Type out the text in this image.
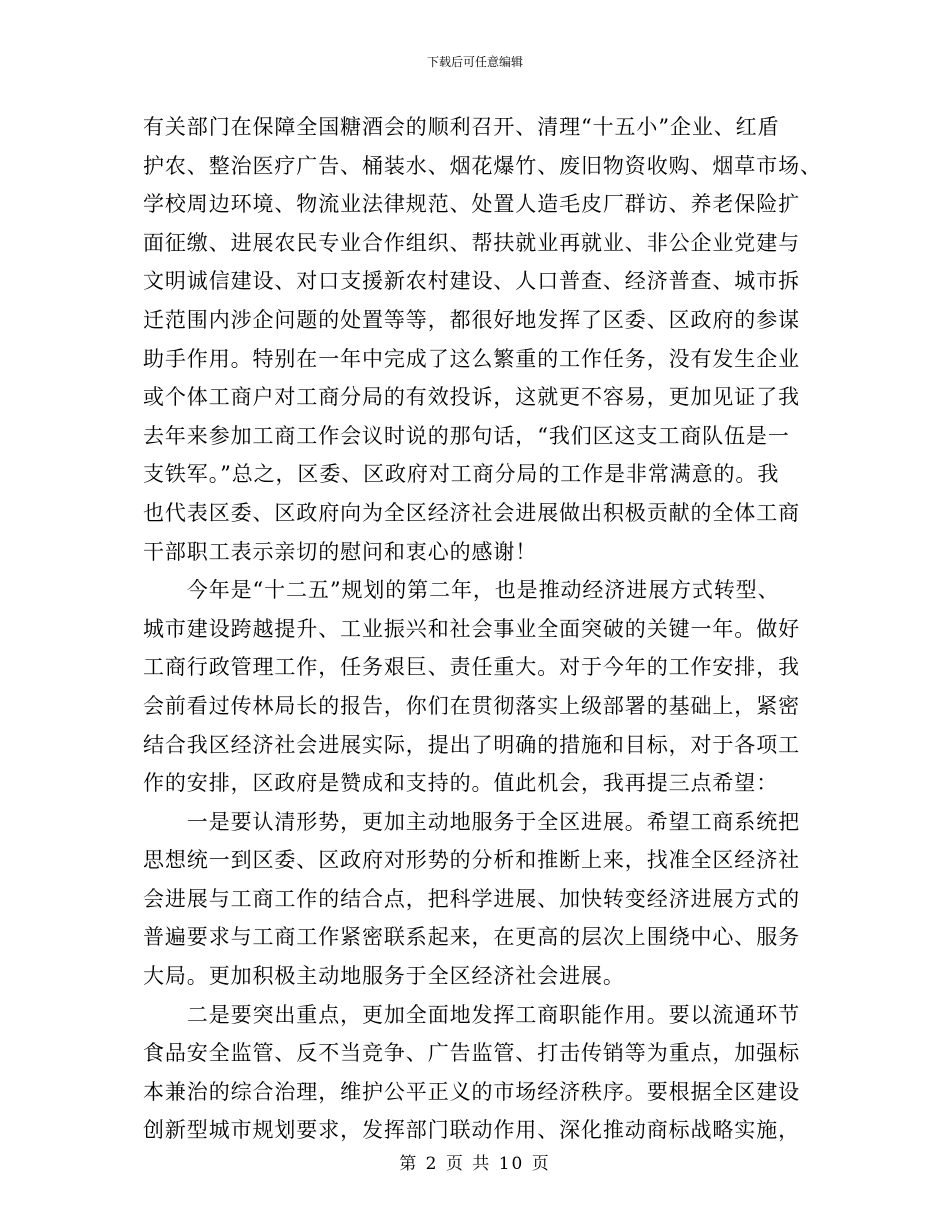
下载后可任意编辑
有关部门在保障全国糖酒会的顺利召开、清理“十五小”企业、红盾
护农、整治医疗广告、桶装水、烟花爆竹、废旧物资收购、烟草市场、
学校周边环境、物流业法律规范、处置人造毛皮厂群访、养老保险扩
面征缴、进展农民专业合作组织、帮扶就业再就业、非公企业党建与
文明诚信建设、对口支援新农村建设、人口普查、经济普查、城市拆
迁范围内涉企问题的处置等等，都很好地发挥了区委、区政府的参谋
助手作用。特别在一年中完成了这么繁重的工作任务，没有发生企业
或个体工商户对工商分局的有效投诉，这就更不容易，更加见证了我
去年来参加工商工作会议时说的那句话，“我们区这支工商队伍是一
支铁军。”总之，区委、区政府对工商分局的工作是非常满意的。我
也代表区委、区政府向为全区经济社会进展做出积极贡献的全体工商
干部职工表示亲切的慰问和衷心的感谢！
　　今年是“十二五”规划的第二年，也是推动经济进展方式转型、
城市建设跨越提升、工业振兴和社会事业全面突破的关键一年。做好
工商行政管理工作，任务艰巨、责任重大。对于今年的工作安排，我
会前看过传林局长的报告，你们在贯彻落实上级部署的基础上，紧密
结合我区经济社会进展实际，提出了明确的措施和目标，对于各项工
作的安排，区政府是赞成和支持的。值此机会，我再提三点希望：
　　一是要认清形势，更加主动地服务于全区进展。希望工商系统把
思想统一到区委、区政府对形势的分析和推断上来，找准全区经济社
会进展与工商工作的结合点，把科学进展、加快转变经济进展方式的
普遍要求与工商工作紧密联系起来，在更高的层次上围绕中心、服务
大局。更加积极主动地服务于全区经济社会进展。
　　二是要突出重点，更加全面地发挥工商职能作用。要以流通环节
食品安全监管、反不当竞争、广告监管、打击传销等为重点，加强标
本兼治的综合治理，维护公平正义的市场经济秩序。要根据全区建设
创新型城市规划要求，发挥部门联动作用、深化推动商标战略实施，
第 2 页 共 10 页
